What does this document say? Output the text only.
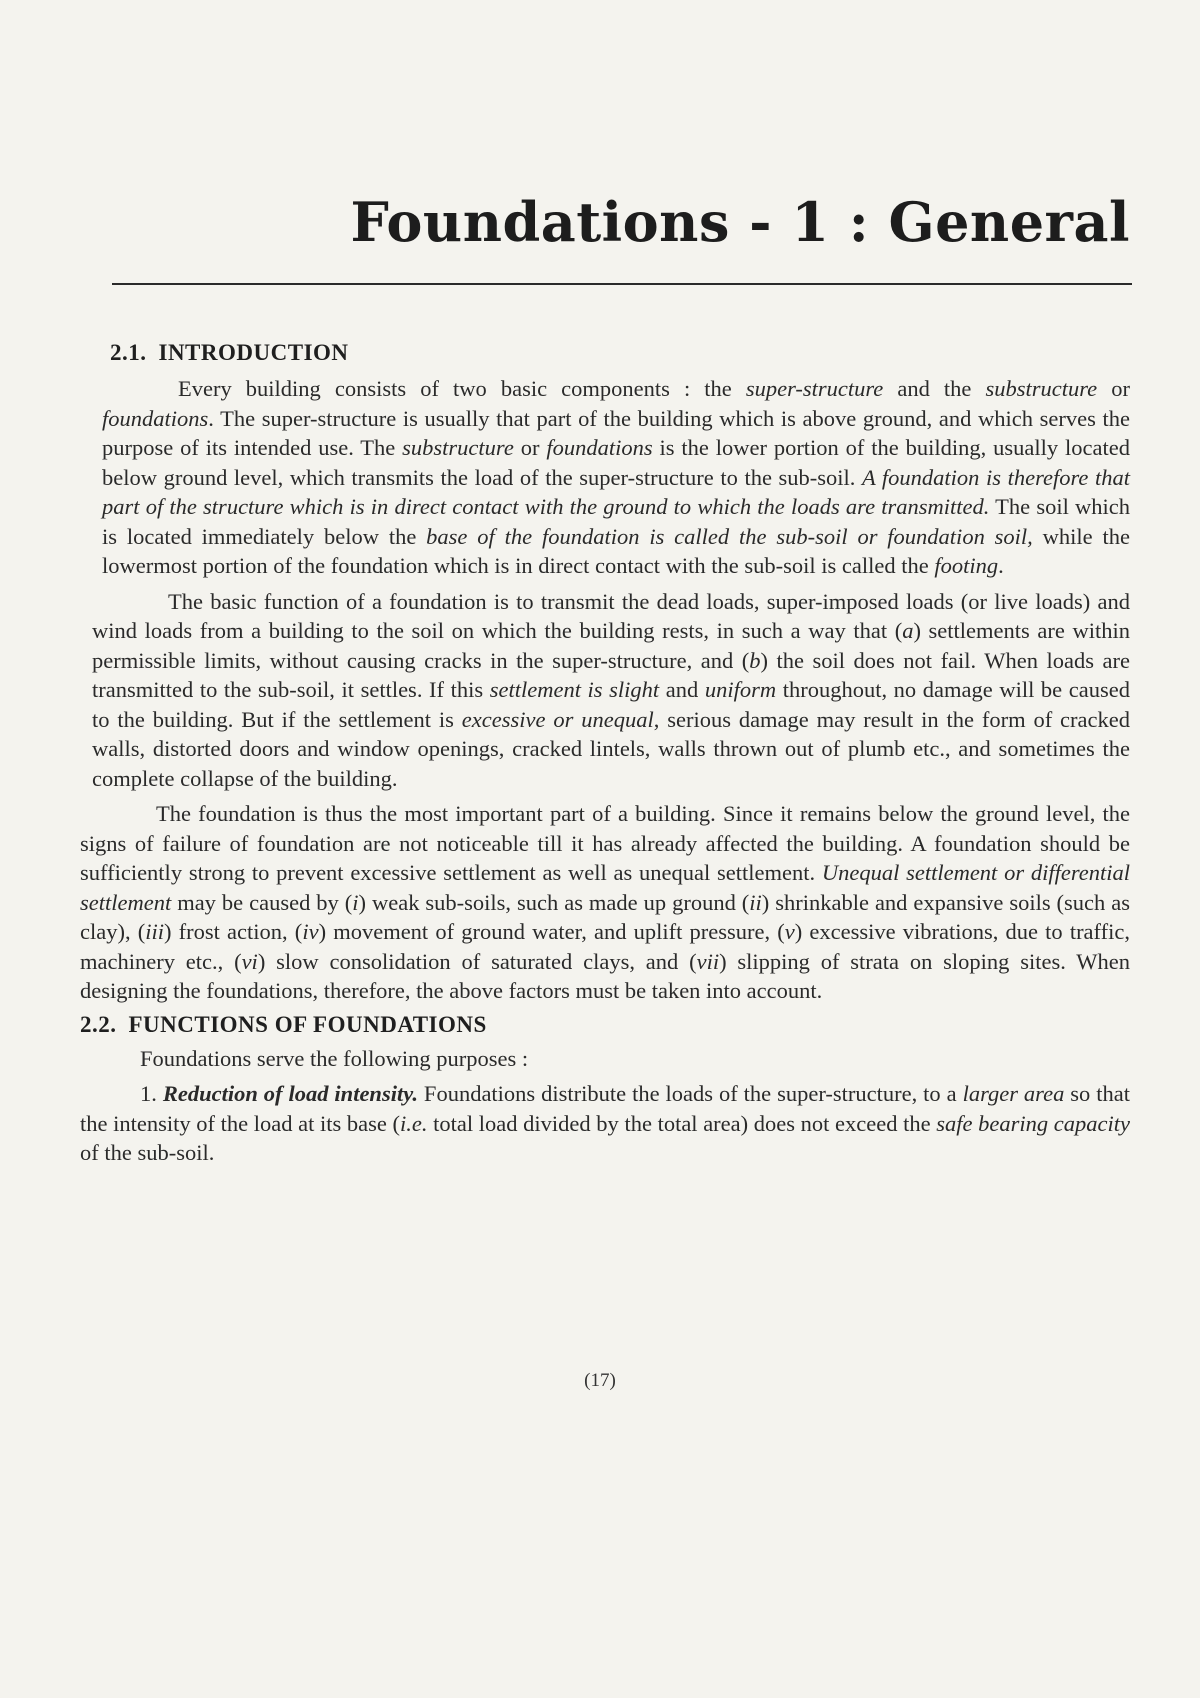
Foundations - 1 : General
2.1. INTRODUCTION

Every building consists of two basic components : the super-structure and the substructure or foundations. The super-structure is usually that part of the building which is above ground, and which serves the purpose of its intended use. The substructure or foundations is the lower portion of the building, usually located below ground level, which transmits the load of the super-structure to the sub-soil. A foundation is therefore that part of the structure which is in direct contact with the ground to which the loads are transmitted. The soil which is located immediately below the base of the foundation is called the sub-soil or foundation soil, while the lowermost portion of the foundation which is in direct contact with the sub-soil is called the footing.

The basic function of a foundation is to transmit the dead loads, super-imposed loads (or live loads) and wind loads from a building to the soil on which the building rests, in such a way that (a) settlements are within permissible limits, without causing cracks in the super-structure, and (b) the soil does not fail. When loads are transmitted to the sub-soil, it settles. If this settlement is slight and uniform throughout, no damage will be caused to the building. But if the settlement is excessive or unequal, serious damage may result in the form of cracked walls, distorted doors and window openings, cracked lintels, walls thrown out of plumb etc., and sometimes the complete collapse of the building.

The foundation is thus the most important part of a building. Since it remains below the ground level, the signs of failure of foundation are not noticeable till it has already affected the building. A foundation should be sufficiently strong to prevent excessive settlement as well as unequal settlement. Unequal settlement or differential settlement may be caused by (i) weak sub-soils, such as made up ground (ii) shrinkable and expansive soils (such as clay), (iii) frost action, (iv) movement of ground water, and uplift pressure, (v) excessive vibrations, due to traffic, machinery etc., (vi) slow consolidation of saturated clays, and (vii) slipping of strata on sloping sites. When designing the foundations, therefore, the above factors must be taken into account.

2.2. FUNCTIONS OF FOUNDATIONS

Foundations serve the following purposes :

1. Reduction of load intensity. Foundations distribute the loads of the super-structure, to a larger area so that the intensity of the load at its base (i.e. total load divided by the total area) does not exceed the safe bearing capacity of the sub-soil.

(17)
